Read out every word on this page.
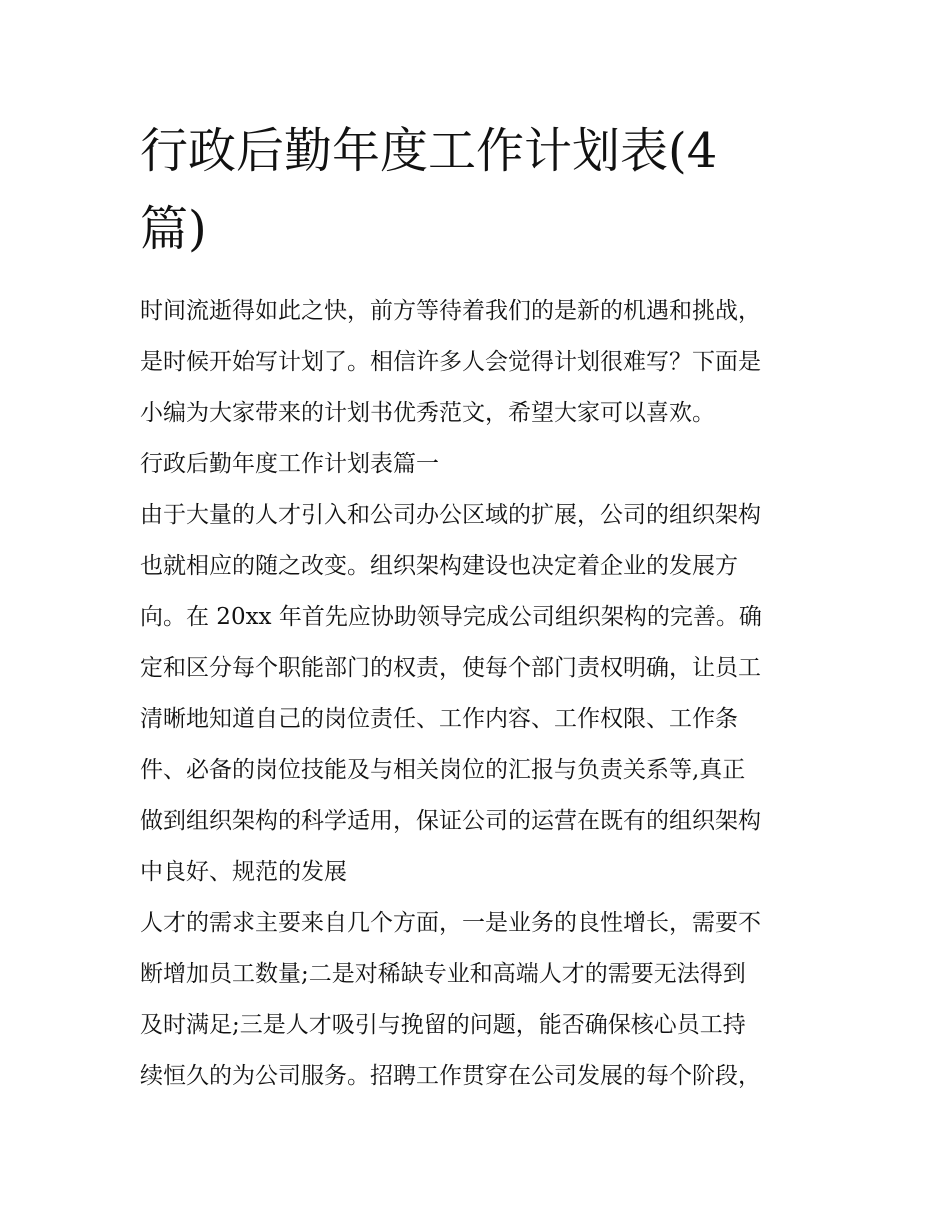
行政后勤年度工作计划表(4
篇)
时间流逝得如此之快，前方等待着我们的是新的机遇和挑战，
是时候开始写计划了。相信许多人会觉得计划很难写？下面是
小编为大家带来的计划书优秀范文，希望大家可以喜欢。
行政后勤年度工作计划表篇一
由于大量的人才引入和公司办公区域的扩展，公司的组织架构
也就相应的随之改变。组织架构建设也决定着企业的发展方
向。在 20xx 年首先应协助领导完成公司组织架构的完善。确
定和区分每个职能部门的权责，使每个部门责权明确，让员工
清晰地知道自己的岗位责任、工作内容、工作权限、工作条
件、必备的岗位技能及与相关岗位的汇报与负责关系等,真正
做到组织架构的科学适用，保证公司的运营在既有的组织架构
中良好、规范的发展
人才的需求主要来自几个方面，一是业务的良性增长，需要不
断增加员工数量;二是对稀缺专业和高端人才的需要无法得到
及时满足;三是人才吸引与挽留的问题，能否确保核心员工持
续恒久的为公司服务。招聘工作贯穿在公司发展的每个阶段，
